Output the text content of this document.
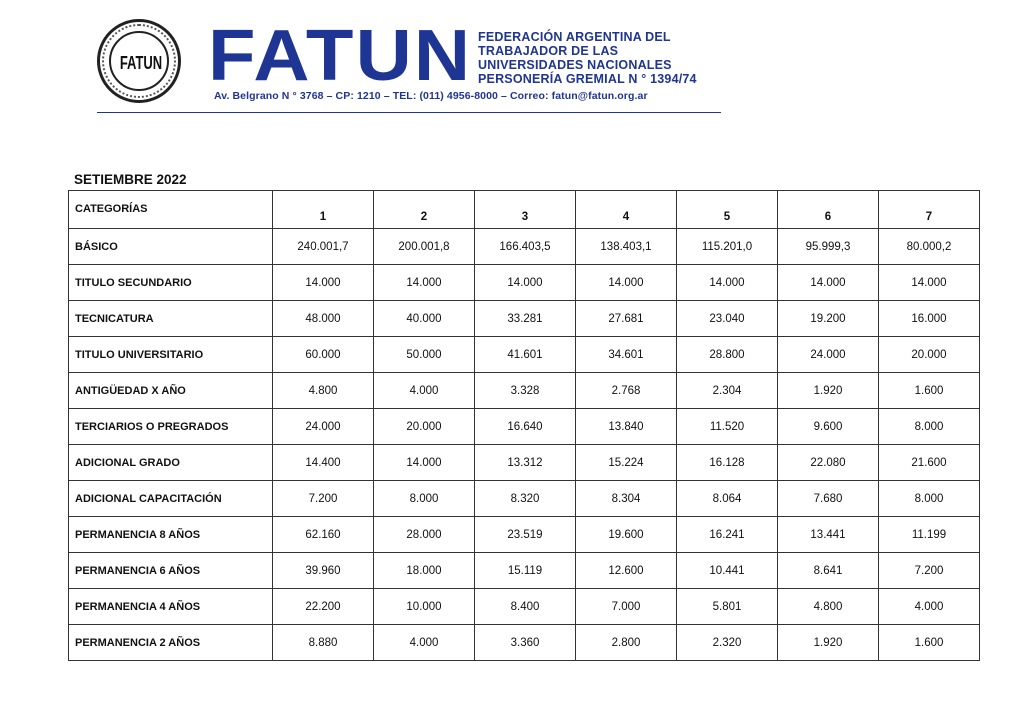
FATUN FATUN FEDERACIÓN ARGENTINA DEL
TRABAJADOR DE LAS
UNIVERSIDADES NACIONALES
PERSONERÍA GREMIAL N ° 1394/74
Av. Belgrano N ° 3768 – CP: 1210 – TEL: (011) 4956-8000 – Correo: fatun@fatun.org.ar
SETIEMBRE 2022
CATEGORÍAS	1	2	3	4	5	6	7
BÁSICO	240.001,7	200.001,8	166.403,5	138.403,1	115.201,0	95.999,3	80.000,2
TITULO SECUNDARIO	14.000	14.000	14.000	14.000	14.000	14.000	14.000
TECNICATURA	48.000	40.000	33.281	27.681	23.040	19.200	16.000
TITULO UNIVERSITARIO	60.000	50.000	41.601	34.601	28.800	24.000	20.000
ANTIGÜEDAD X AÑO	4.800	4.000	3.328	2.768	2.304	1.920	1.600
TERCIARIOS O PREGRADOS	24.000	20.000	16.640	13.840	11.520	9.600	8.000
ADICIONAL GRADO	14.400	14.000	13.312	15.224	16.128	22.080	21.600
ADICIONAL CAPACITACIÓN	7.200	8.000	8.320	8.304	8.064	7.680	8.000
PERMANENCIA 8 AÑOS	62.160	28.000	23.519	19.600	16.241	13.441	11.199
PERMANENCIA 6 AÑOS	39.960	18.000	15.119	12.600	10.441	8.641	7.200
PERMANENCIA 4 AÑOS	22.200	10.000	8.400	7.000	5.801	4.800	4.000
PERMANENCIA 2 AÑOS	8.880	4.000	3.360	2.800	2.320	1.920	1.600
